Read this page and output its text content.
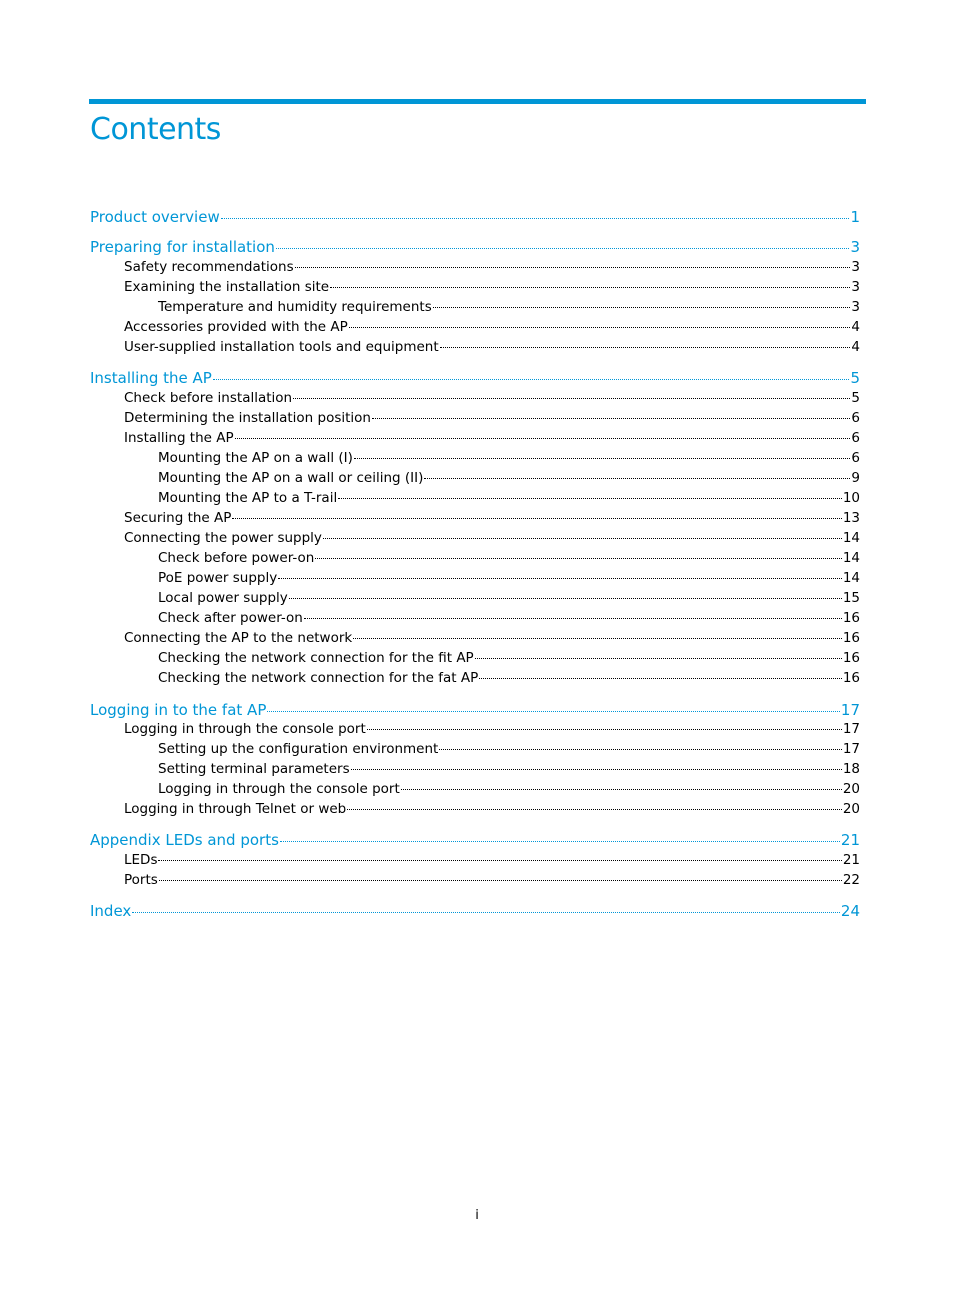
Contents
Product overview	1
Preparing for installation	3
Safety recommendations	3
Examining the installation site	3
Temperature and humidity requirements	3
Accessories provided with the AP	4
User-supplied installation tools and equipment	4
Installing the AP	5
Check before installation	5
Determining the installation position	6
Installing the AP	6
Mounting the AP on a wall (I)	6
Mounting the AP on a wall or ceiling (II)	9
Mounting the AP to a T-rail	10
Securing the AP	13
Connecting the power supply	14
Check before power-on	14
PoE power supply	14
Local power supply	15
Check after power-on	16
Connecting the AP to the network	16
Checking the network connection for the fit AP	16
Checking the network connection for the fat AP	16
Logging in to the fat AP	17
Logging in through the console port	17
Setting up the configuration environment	17
Setting terminal parameters	18
Logging in through the console port	20
Logging in through Telnet or web	20
Appendix LEDs and ports	21
LEDs	21
Ports	22
Index	24
i
